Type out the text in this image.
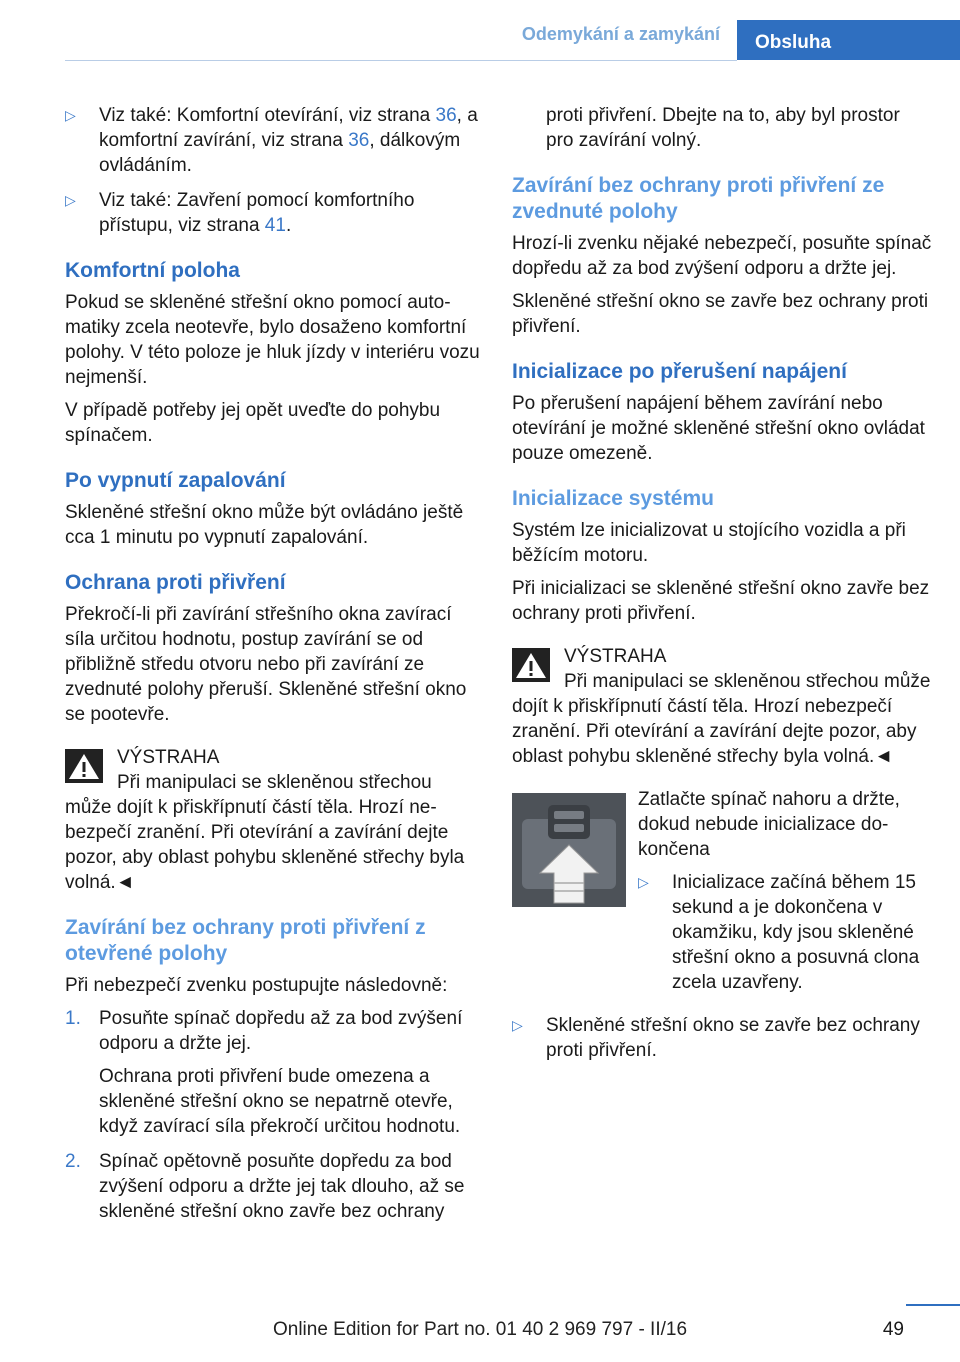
Odemykání a zamykání Obsluha
▷ Viz také: Komfortní otevírání, viz strana 36, a komfortní zavírání, viz strana 36, dálkovým ovládáním.
▷ Viz také: Zavření pomocí komfortního přístupu, viz strana 41.
Komfortní poloha

Pokud se skleněné střešní okno pomocí automatiky zcela neotevře, bylo dosaženo komfortní polohy. V této poloze je hluk jízdy v interiéru vozu nejmenší.

V případě potřeby jej opět uveďte do pohybu spínačem.

Po vypnutí zapalování

Skleněné střešní okno může být ovládáno ještě cca 1 minutu po vypnutí zapalování.

Ochrana proti přivření

Překročí-li při zavírání střešního okna zavírací síla určitou hodnotu, postup zavírání se od přibližně středu otvoru nebo při zavírání ze zvednuté polohy přeruší. Skleněné střešní okno se pootevře.

VÝSTRAHA
Při manipulaci se skleněnou střechou může dojít k přiskřípnutí částí těla. Hrozí nebezpečí zranění. Při otevírání a zavírání dejte pozor, aby oblast pohybu skleněné střechy byla volná.◄
Zavírání bez ochrany proti přivření z otevřené polohy

Při nebezpečí zvenku postupujte následovně:

1. Posuňte spínač dopředu až za bod zvýšení odporu a držte jej.

Ochrana proti přivření bude omezena a skleněné střešní okno se nepatrně otevře, když zavírací síla překročí určitou hodnotu.

2. Spínač opětovně posuňte dopředu za bod zvýšení odporu a držte jej tak dlouho, až se skleněné střešní okno zavře bez ochrany

proti přivření. Dbejte na to, aby byl prostor pro zavírání volný.

Zavírání bez ochrany proti přivření ze zvednuté polohy

Hrozí-li zvenku nějaké nebezpečí, posuňte spínač dopředu až za bod zvýšení odporu a držte jej.

Skleněné střešní okno se zavře bez ochrany proti přivření.

Inicializace po přerušení napájení

Po přerušení napájení během zavírání nebo otevírání je možné skleněné střešní okno ovládat pouze omezeně.

Inicializace systému

Systém lze inicializovat u stojícího vozidla a při běžícím motoru.

Při inicializaci se skleněné střešní okno zavře bez ochrany proti přivření.

VÝSTRAHA
Při manipulaci se skleněnou střechou může dojít k přiskřípnutí částí těla. Hrozí nebezpečí zranění. Při otevírání a zavírání dejte pozor, aby oblast pohybu skleněné střechy byla volná.◄

Zatlačte spínač nahoru a držte, dokud nebude inicializace dokončena

▷ Inicializace začíná během 15 sekund a je dokončena v okamžiku, kdy jsou skleněné střešní okno a posuvná clona zcela uzavřeny.
▷ Skleněné střešní okno se zavře bez ochrany proti přivření.
49
Online Edition for Part no. 01 40 2 969 797 - II/16
